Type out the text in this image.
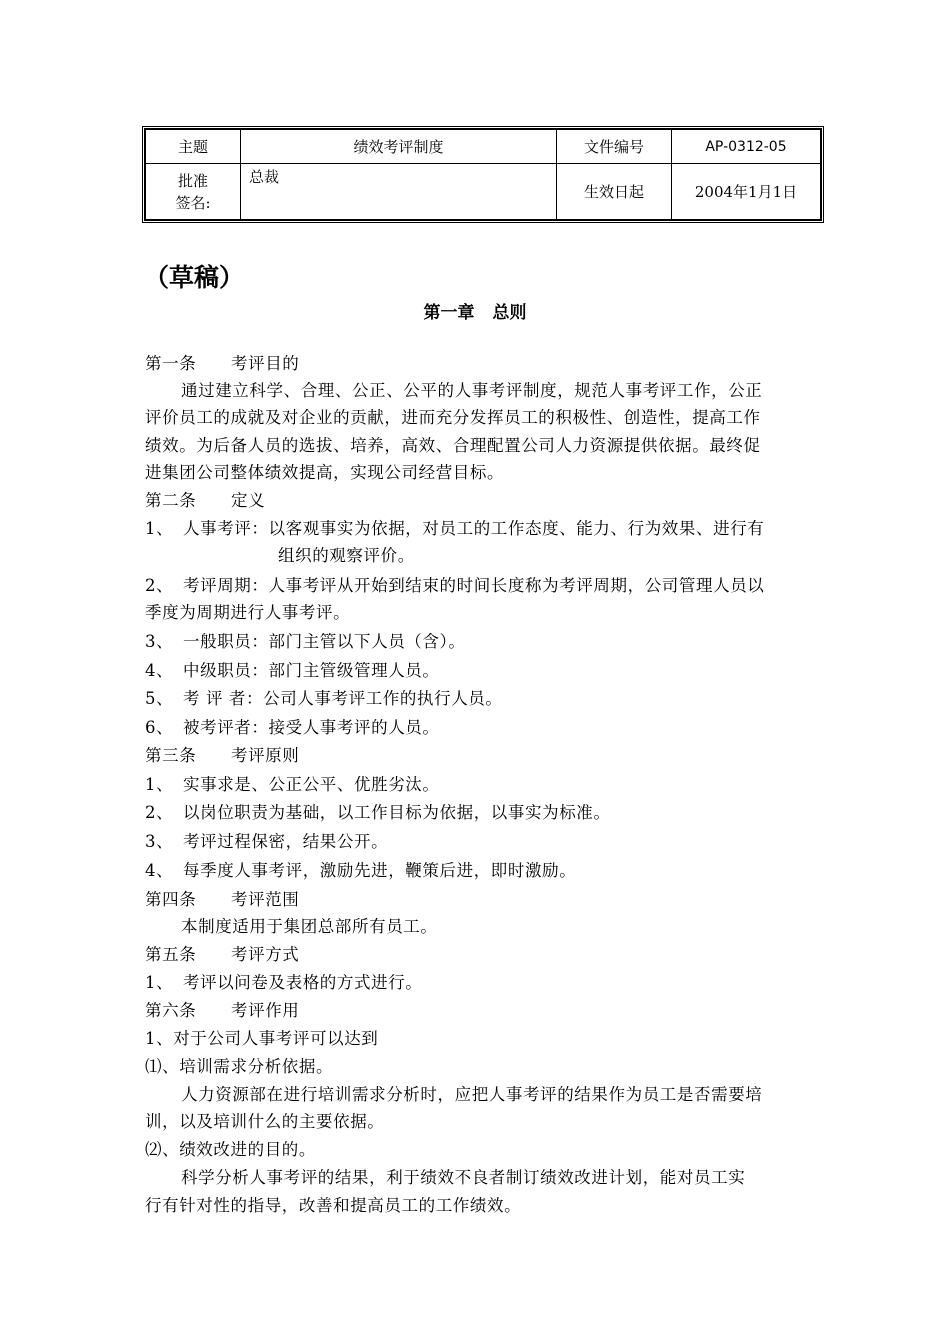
主题	绩效考评制度	文件编号	AP-0312-05

批准
签名:	总裁	生效日起	2004年1月1日
（草稿）
第一章 总则
第一条 考评目的
通过建立科学、合理、公正、公平的人事考评制度，规范人事考评工作，公正
评价员工的成就及对企业的贡献，进而充分发挥员工的积极性、创造性，提高工作
绩效。为后备人员的选拔、培养，高效、合理配置公司人力资源提供依据。最终促
进集团公司整体绩效提高，实现公司经营目标。
第二条 定义
1、 人事考评：以客观事实为依据，对员工的工作态度、能力、行为效果、进行有
组织的观察评价。
2、 考评周期：人事考评从开始到结束的时间长度称为考评周期，公司管理人员以
季度为周期进行人事考评。
3、 一般职员：部门主管以下人员（含）。
4、 中级职员：部门主管级管理人员。
5、 考 评 者：公司人事考评工作的执行人员。
6、 被考评者：接受人事考评的人员。
第三条 考评原则
1、 实事求是、公正公平、优胜劣汰。
2、 以岗位职责为基础，以工作目标为依据，以事实为标准。
3、 考评过程保密，结果公开。
4、 每季度人事考评，激励先进，鞭策后进，即时激励。
第四条 考评范围
本制度适用于集团总部所有员工。
第五条 考评方式
1、 考评以问卷及表格的方式进行。
第六条 考评作用
1、对于公司人事考评可以达到
⑴、培训需求分析依据。
人力资源部在进行培训需求分析时，应把人事考评的结果作为员工是否需要培
训，以及培训什么的主要依据。
⑵、绩效改进的目的。
科学分析人事考评的结果，利于绩效不良者制订绩效改进计划，能对员工实
行有针对性的指导，改善和提高员工的工作绩效。
